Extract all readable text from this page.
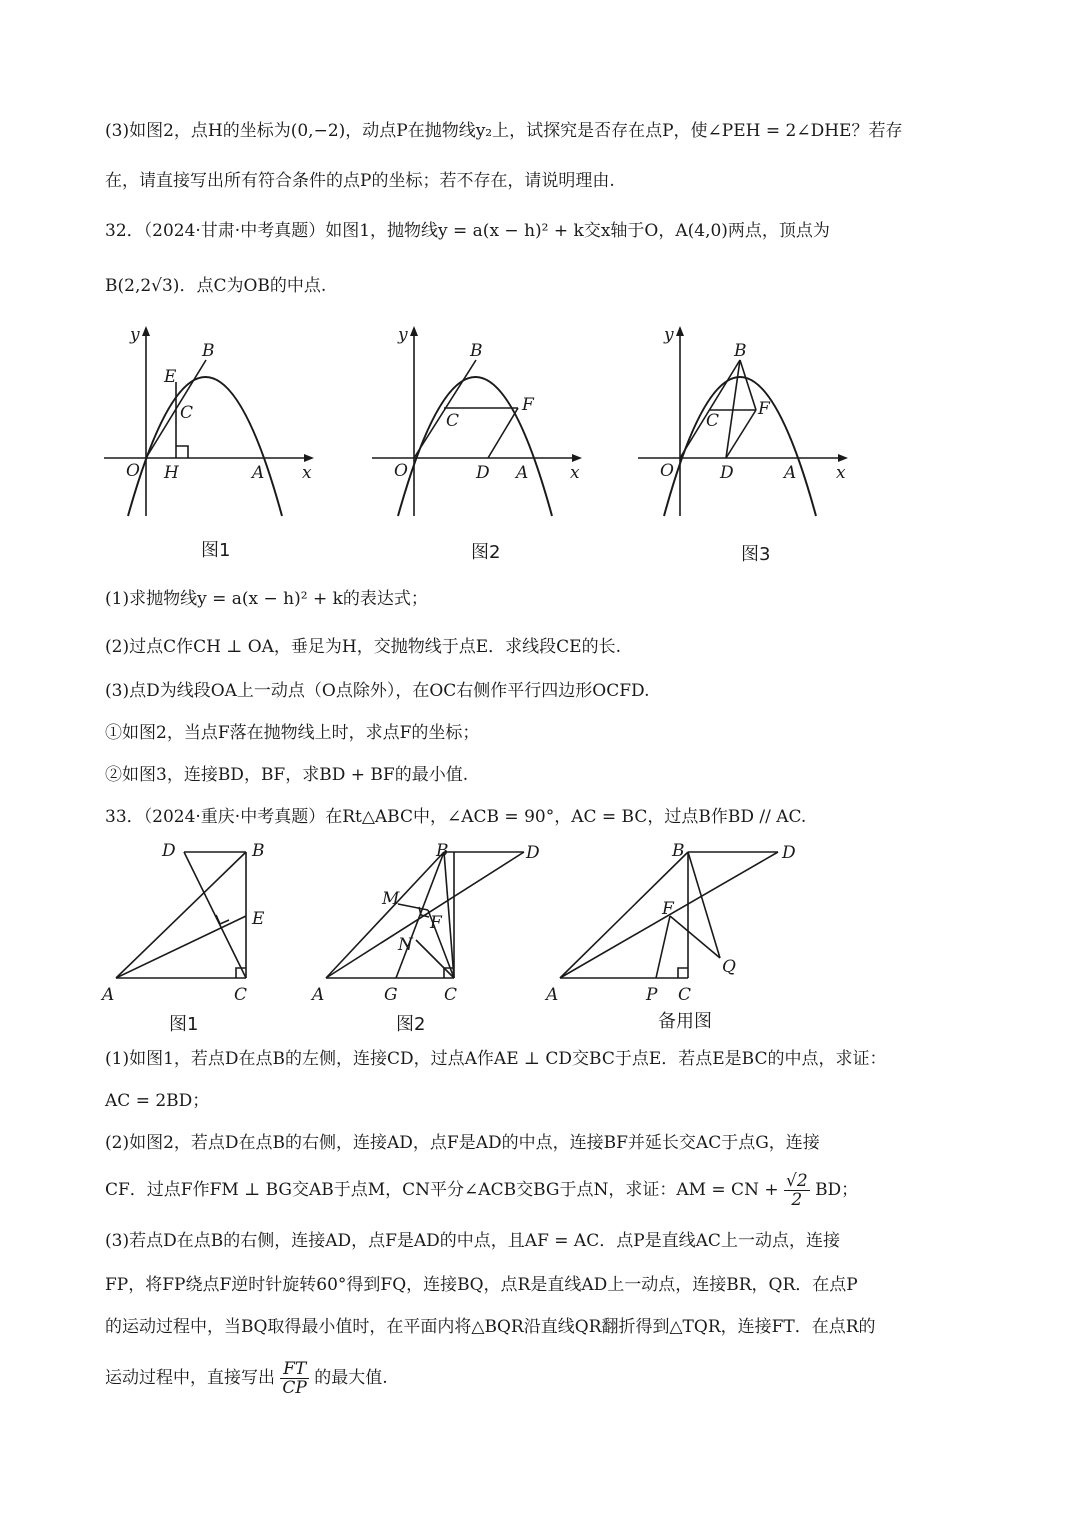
(3)如图2，点H的坐标为(0,−2)，动点P在抛物线y₂上，试探究是否存在点P，使∠PEH = 2∠DHE？若存
在，请直接写出所有符合条件的点P的坐标；若不存在，请说明理由.
32．（2024·甘肃·中考真题）如图1，抛物线y = a(x − h)² + k交x轴于O，A(4,0)两点，顶点为
B(2,2√3)．点C为OB的中点.
y
x
O	A
B
E
C
H
图1
y
x
O	A
B
C
F
D
图2
y
x
O	A
B
C
F
D
图3
(1)求抛物线y = a(x − h)² + k的表达式；
(2)过点C作CH ⊥ OA，垂足为H，交抛物线于点E．求线段CE的长.
(3)点D为线段OA上一动点（O点除外），在OC右侧作平行四边形OCFD.
①如图2，当点F落在抛物线上时，求点F的坐标；
②如图3，连接BD，BF，求BD + BF的最小值.
33．（2024·重庆·中考真题）在Rt△ABC中，∠ACB = 90°，AC = BC，过点B作BD // AC.
A	C
B
D
E
图1
A	G	C
B	D
M
F
N
图2
A	P C
B	D
F
Q
备用图
(1)如图1，若点D在点B的左侧，连接CD，过点A作AE ⊥ CD交BC于点E．若点E是BC的中点，求证：
AC = 2BD；
(2)如图2，若点D在点B的右侧，连接AD，点F是AD的中点，连接BF并延长交AC于点G，连接
CF．过点F作FM ⊥ BG交AB于点M，CN平分∠ACB交BG于点N，求证：AM = CN + $\frac{√2}{2}$ BD；
(3)若点D在点B的右侧，连接AD，点F是AD的中点，且AF = AC．点P是直线AC上一动点，连接
FP，将FP绕点F逆时针旋转60°得到FQ，连接BQ，点R是直线AD上一动点，连接BR，QR．在点P
的运动过程中，当BQ取得最小值时，在平面内将△BQR沿直线QR翻折得到△TQR，连接FT．在点R的
运动过程中，直接写出 $\frac{FT}{CP}$ 的最大值.
